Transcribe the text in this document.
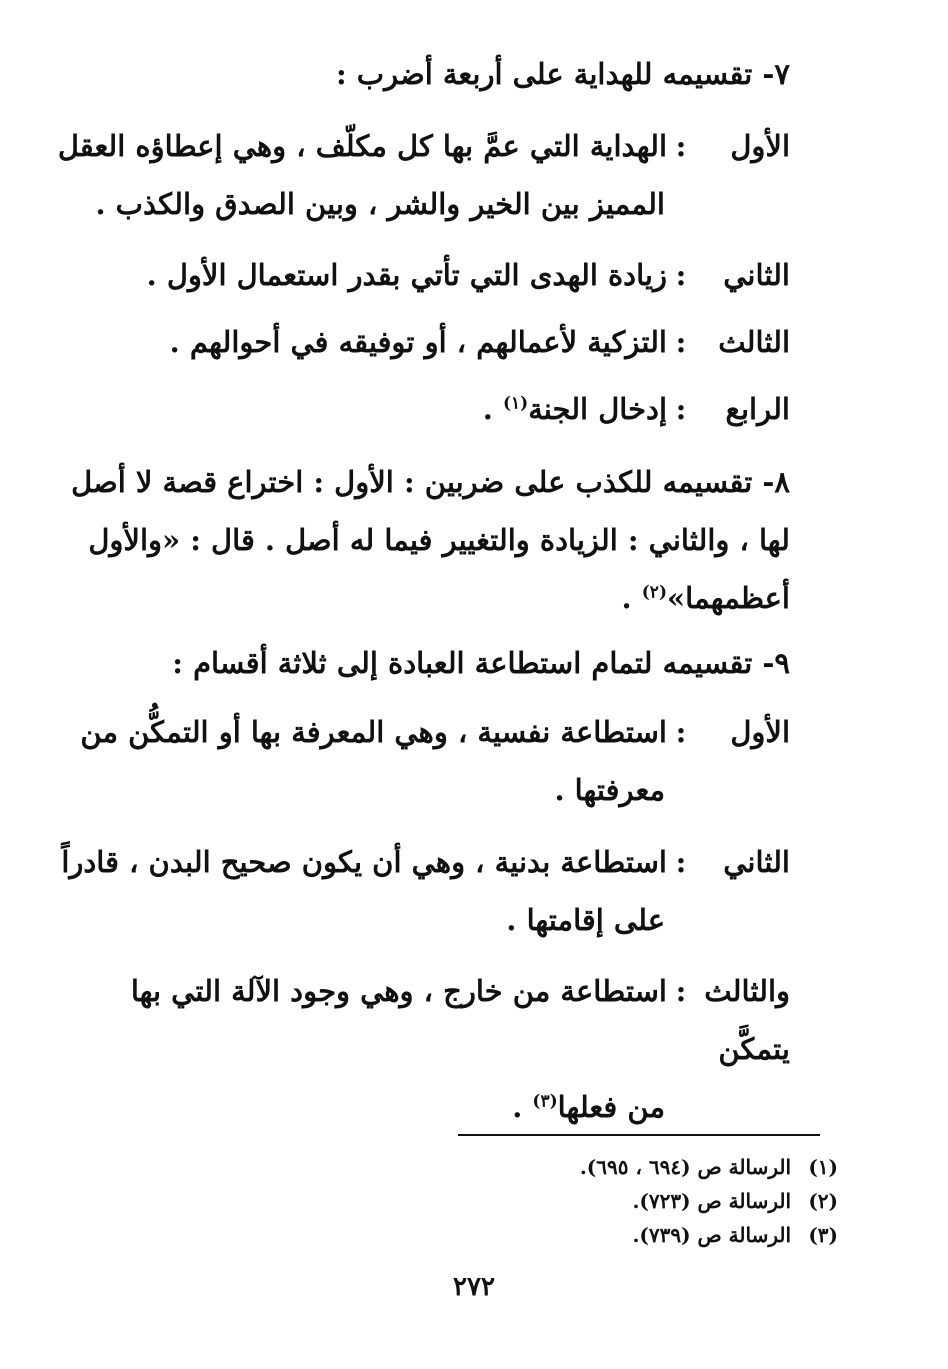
٧- تقسيمه للهداية على أربعة أضرب :
الأول:الهداية التي عمَّ بها كل مكلّف ، وهي إعطاؤه العقل
المميز بين الخير والشر ، وبين الصدق والكذب .
الثاني:زيادة الهدى التي تأتي بقدر استعمال الأول .
الثالث:التزكية لأعمالهم ، أو توفيقه في أحوالهم .
الرابع:إدخال الجنة$^{(١)}$ .
٨- تقسيمه للكذب على ضربين : الأول : اختراع قصة لا أصل
لها ، والثاني : الزيادة والتغيير فيما له أصل . قال : «والأول
أعظمهما»$^{(٢)}$ .
٩- تقسيمه لتمام استطاعة العبادة إلى ثلاثة أقسام :
الأول:استطاعة نفسية ، وهي المعرفة بها أو التمكُّن من
معرفتها .
الثاني:استطاعة بدنية ، وهي أن يكون صحيح البدن ، قادراً
على إقامتها .
والثالث:استطاعة من خارج ، وهي وجود الآلة التي بها يتمكَّن
من فعلها$^{(٣)}$ .
(١) الرسالة ص (٦٩٤ ، ٦٩٥).
(٢) الرسالة ص (٧٢٣).
(٣) الرسالة ص (٧٣٩).
٢٧٢
